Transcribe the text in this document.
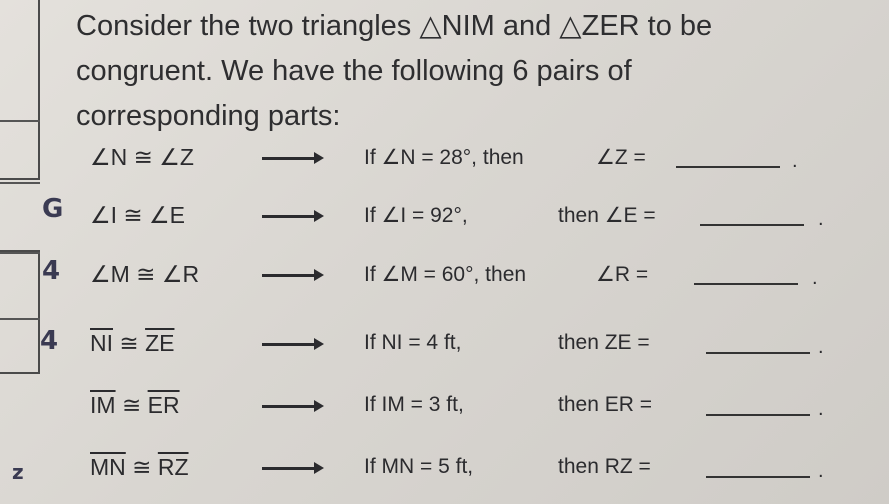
G
4
4
z
Consider the two triangles △NIM and △ZER to be
congruent. We have the following 6 pairs of
corresponding parts:
∠N ≅ ∠Z	If ∠N = 28°, then	∠Z =	.
∠I ≅ ∠E	If ∠I = 92°,	then ∠E =	.
∠M ≅ ∠R	If ∠M = 60°, then	∠R =	.
$\overline{NI}$ ≅ $\overline{ZE}$	If NI = 4 ft,	then ZE =	.
$\overline{IM}$ ≅ $\overline{ER}$	If IM = 3 ft,	then ER =	.
$\overline{MN}$ ≅ $\overline{RZ}$	If MN = 5 ft,	then RZ =	.
